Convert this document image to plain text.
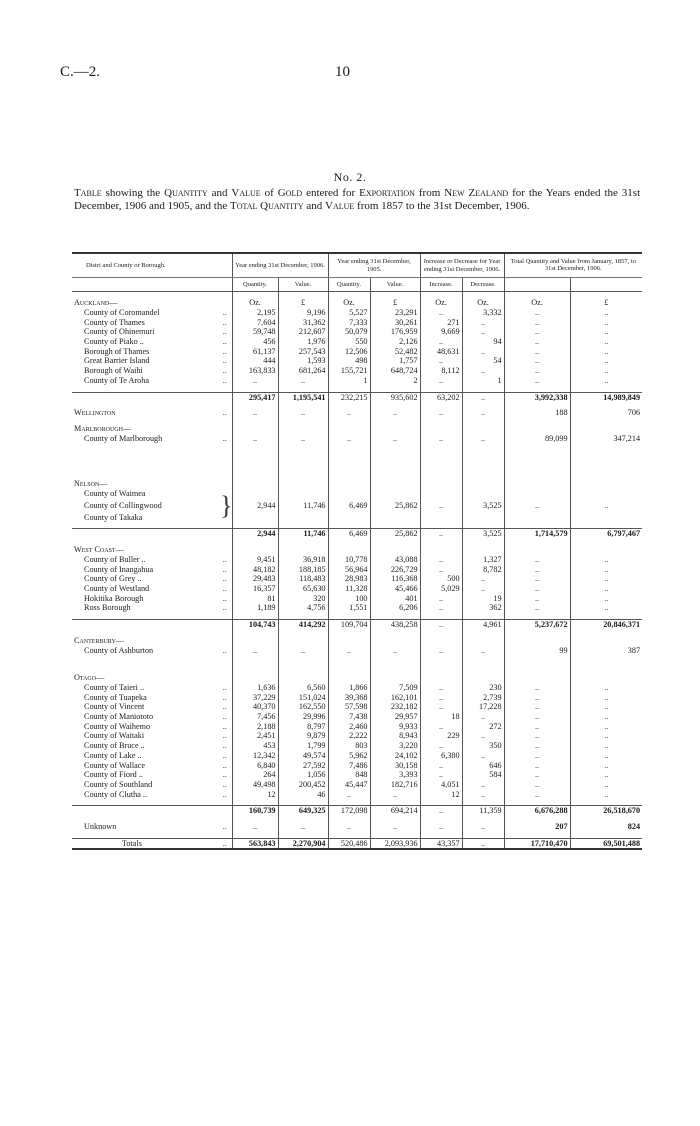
C.—2.	10
No. 2.
Table showing the Quantity and Value of Gold entered for Exportation from New Zealand for the Years ended the 31st December, 1906 and 1905, and the Total Quantity and Value from 1857 to the 31st December, 1906.
Distri and County or Borough.		Year ending 31st December, 1906.		Year ending 31st December, 1905.		Increase or Decrease for Year ending 31st December, 1906.		Total Quantity and Value from January, 1857, to 31st December, 1906.	

		Quantity.	Value.	Quantity.	Value.	Increase.	Decrease.		

Auckland—		Oz.	£	Oz.	£	Oz.	Oz.	Oz.	£
County of Coromandel	..	2,195	9,196	5,527	23,291	..	3,332	..	..
County of Thames	..	7,604	31,362	7,333	30,261	271	..	..	..
County of Ohinemuri	..	59,748	212,607	50,079	176,959	9,669	..	..	..
County of Piako ..	..	456	1,976	550	2,126	..	94	..	..
Borough of Thames	..	61,137	257,543	12,506	52,482	48,631	..	..	..
Great Barrier Island	..	444	1,593	498	1,757	..	54	..	..
Borough of Waihi	..	163,833	681,264	155,721	648,724	8,112	..	..	..
County of Te Aroha	..	..	..	1	2	..	1	..	..

		295,417	1,195,541	232,215	935,602	63,202	..	3,992,338	14,989,849

Wellington	..	..	..	..	..	..	..	188	706

Marlborough—									
County of Marlborough	..	..	..	..	..	..	..	89,099	347,214

Nelson—									
County of Waimea									
County of Collingwood	}	2,944	11,746	6,469	25,862	..	3,525	..	..
County of Takaka									

		2,944	11,746	6,469	25,862	..	3,525	1,714,579	6,797,467

West Coast—									
County of Buller ..	..	9,451	36,918	10,778	43,088	..	1,327	..	..
County of Inangahua	..	48,182	188,185	56,964	226,729	..	8,782	..	..
County of Grey ..	..	29,483	118,483	28,983	116,368	500	..	..	..
County of Westland	..	16,357	65,630	11,328	45,466	5,029	..	..	..
Hokitika Borough	..	81	320	100	401	..	19	..	..
Ross Borough	..	1,189	4,756	1,551	6,206	..	362	..	..

		104,743	414,292	109,704	438,258	..	4,961	5,237,672	20,846,371

Canterbury—									
County of Ashburton	..	..	..	..	..	..	..	99	387

Otago—									
County of Taieri ..	..	1,636	6,560	1,866	7,509	..	230	..	..
County of Tuapeka	..	37,229	151,024	39,368	162,101	..	2,739	..	..
County of Vincent	..	40,370	162,550	57,598	232,182	..	17,228	..	..
County of Maniototo	..	7,456	29,996	7,438	29,957	18	..	..	..
County of Waihemo	..	2,188	8,797	2,460	9,933	..	272	..	..
County of Waitaki	..	2,451	9,879	2,222	8,943	229	..	..	..
County of Bruce ..	..	453	1,799	803	3,220	..	350	..	..
County of Lake ..	..	12,342	49,574	5,962	24,102	6,380	..	..	..
County of Wallace	..	6,840	27,592	7,486	30,158	..	646	..	..
County of Fiord ..	..	264	1,056	848	3,393	..	584	..	..
County of Southland	..	49,498	200,452	45,447	182,716	4,051	..	..	..
County of Clutha ..	..	12	46	..	..	12	..	..	..

		160,739	649,325	172,098	694,214	..	11,359	6,676,288	26,518,670

Unknown	..	..	..	..	..	..	..	207	824

Totals	..	563,843	2,270,904	520,486	2,093,936	43,357	..	17,710,470	69,501,488
